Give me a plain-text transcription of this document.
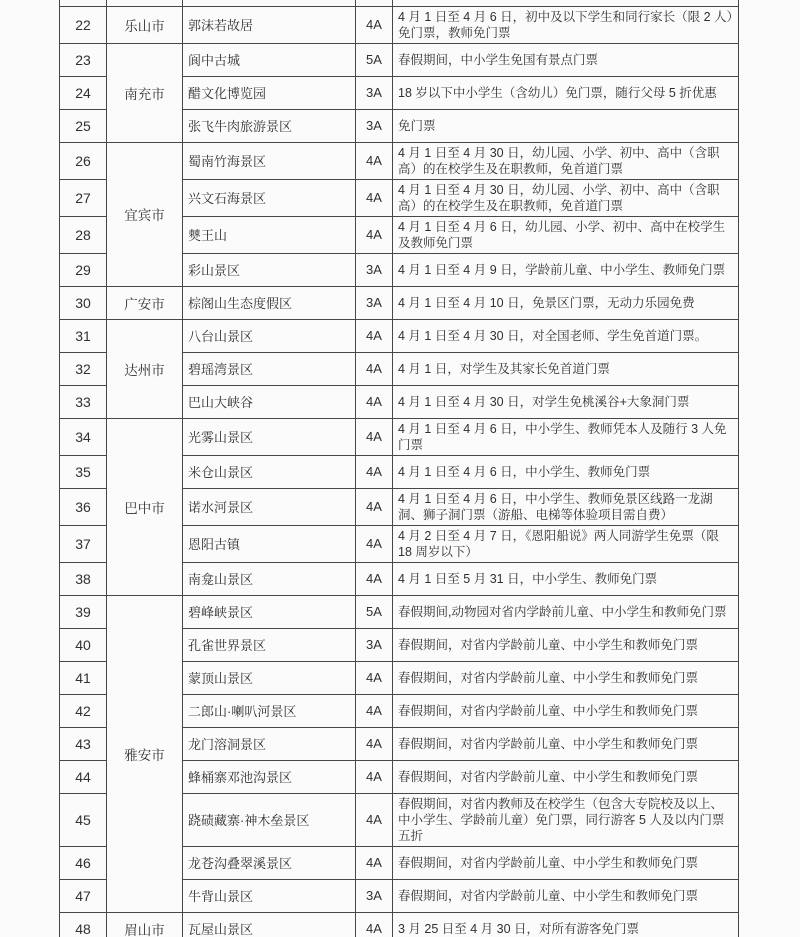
22	乐山市	郭沫若故居	4A	4 月 1 日至 4 月 6 日，初中及以下学生和同行家长（限 2 人）免门票，教师免门票
23	南充市	阆中古城	5A	春假期间，中小学生免国有景点门票
24		醋文化博览园	3A	18 岁以下中小学生（含幼儿）免门票，随行父母 5 折优惠
25		张飞牛肉旅游景区	3A	免门票
26	宜宾市	蜀南竹海景区	4A	4 月 1 日至 4 月 30 日，幼儿园、小学、初中、高中（含职高）的在校学生及在职教师，免首道门票
27		兴文石海景区	4A	4 月 1 日至 4 月 30 日，幼儿园、小学、初中、高中（含职高）的在校学生及在职教师，免首道门票
28		僰王山	4A	4 月 1 日至 4 月 6 日，幼儿园、小学、初中、高中在校学生及教师免门票
29		彩山景区	3A	4 月 1 日至 4 月 9 日，学龄前儿童、中小学生、教师免门票
30	广安市	棕阁山生态度假区	3A	4 月 1 日至 4 月 10 日，免景区门票，无动力乐园免费
31	达州市	八台山景区	4A	4 月 1 日至 4 月 30 日，对全国老师、学生免首道门票。
32		碧瑶湾景区	4A	4 月 1 日，对学生及其家长免首道门票
33		巴山大峡谷	4A	4 月 1 日至 4 月 30 日，对学生免桃溪谷+大象洞门票
34	巴中市	光雾山景区	4A	4 月 1 日至 4 月 6 日，中小学生、教师凭本人及随行 3 人免门票
35		米仓山景区	4A	4 月 1 日至 4 月 6 日，中小学生、教师免门票
36		诺水河景区	4A	4 月 1 日至 4 月 6 日，中小学生、教师免景区线路一龙湖洞、狮子洞门票（游船、电梯等体验项目需自费）
37		恩阳古镇	4A	4 月 2 日至 4 月 7 日，《恩阳船说》两人同游学生免票（限 18 周岁以下）
38		南龛山景区	4A	4 月 1 日至 5 月 31 日，中小学生、教师免门票
39	雅安市	碧峰峡景区	5A	春假期间,动物园对省内学龄前儿童、中小学生和教师免门票
40		孔雀世界景区	3A	春假期间，对省内学龄前儿童、中小学生和教师免门票
41		蒙顶山景区	4A	春假期间，对省内学龄前儿童、中小学生和教师免门票
42		二郎山·喇叭河景区	4A	春假期间，对省内学龄前儿童、中小学生和教师免门票
43		龙门溶洞景区	4A	春假期间，对省内学龄前儿童、中小学生和教师免门票
44		蜂桶寨邓池沟景区	4A	春假期间，对省内学龄前儿童、中小学生和教师免门票
45		跷碛藏寨·神木垒景区	4A	春假期间，对省内教师及在校学生（包含大专院校及以上、中小学生、学龄前儿童）免门票，同行游客 5 人及以内门票五折
46		龙苍沟叠翠溪景区	4A	春假期间，对省内学龄前儿童、中小学生和教师免门票
47		牛背山景区	3A	春假期间，对省内学龄前儿童、中小学生和教师免门票
48	眉山市	瓦屋山景区	4A	3 月 25 日至 4 月 30 日，对所有游客免门票
